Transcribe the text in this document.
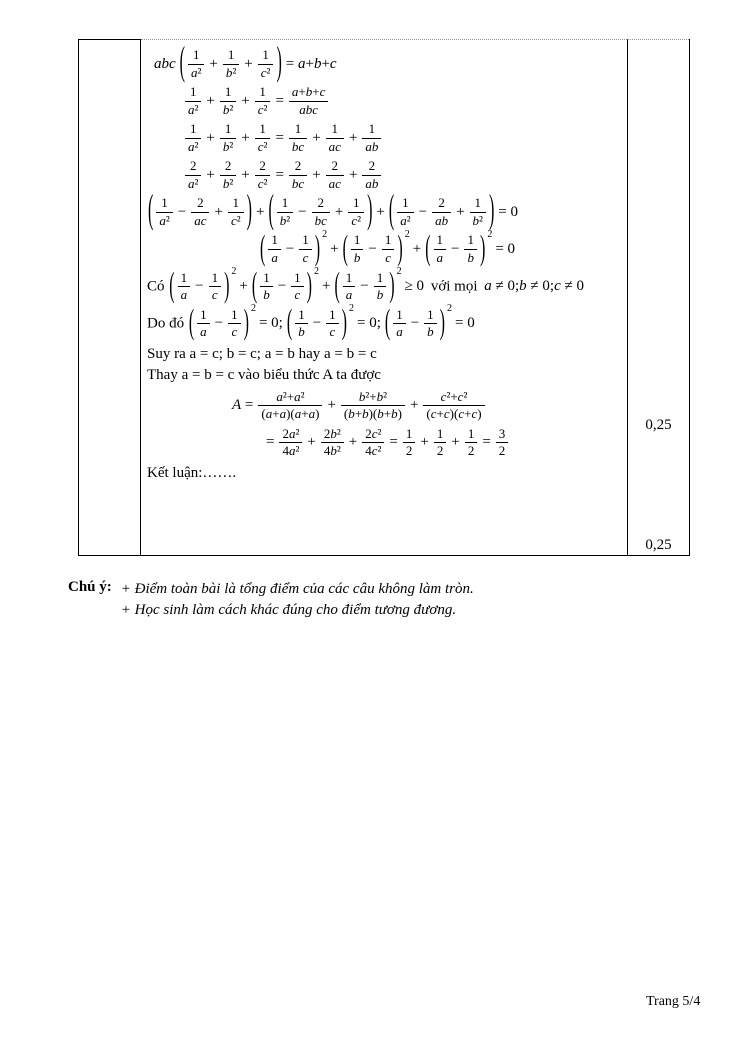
abc ( $\frac{1}{\text{a²}} + \frac{1}{\text{b²}} + \frac{1}{\text{c²}}$ ) = a+b+c
$\frac{1}{\text{a²}} + \frac{1}{\text{b²}} + \frac{1}{\text{c²}}$ =
a+b+c
abc
$\frac{1}{\text{a²}} + \frac{1}{\text{b²}} + \frac{1}{\text{c²}} = \frac{1}{bc} + \frac{1}{ac} + \frac{1}{ab}$
$\frac{2}{\text{a²}} + \frac{2}{\text{b²}} + \frac{2}{\text{c²}} = \frac{2}{bc} + \frac{2}{ac} + \frac{2}{ab}$
( $\frac{1}{\text{a²}} - \frac{2}{ac} + \frac{1}{\text{c²}}$ ) + ( $\frac{1}{\text{b²}} - \frac{2}{bc} + \frac{1}{\text{c²}}$ ) + ( $\frac{1}{\text{a²}} - \frac{2}{ab} + \frac{1}{\text{b²}}$ ) = 0
( $\frac{1}{a} - \frac{1}{c}$ ) 2+ ( $\frac{1}{b} - \frac{1}{c}$ ) 2+ ( $\frac{1}{a} - \frac{1}{b}$ ) 2= 0
Có ( $\frac{1}{a} - \frac{1}{c}$ ) 2+ ( $\frac{1}{b} - \frac{1}{c}$ ) 2+ ( $\frac{1}{a} - \frac{1}{b}$ ) 2≥ 0 với mọi a ≠ 0;b ≠ 0;c ≠ 0
Do đó ( $\frac{1}{a} - \frac{1}{c}$ ) 2= 0; ( $\frac{1}{b} - \frac{1}{c}$ ) 2= 0; ( $\frac{1}{a} - \frac{1}{b}$ ) 2= 0
Suy ra a = c; b = c; a = b hay a = b = c
Thay a = b = c vào biểu thức A ta được
$A = \frac{\text{a²+a²}}{(a+a)(a+a)} + \frac{\text{b²+b²}}{(b+b)(b+b)} + \frac{\text{c²+c²}}{(c+c)(c+c)}$
= $\frac{\text{2a²}}{\text{4a²}} + \frac{\text{2b²}}{\text{4b²}} + \frac{\text{2c²}}{\text{4c²}} = \frac{1}{2} + \frac{1}{2} + \frac{1}{2} = \frac{3}{2}$
Kết luận:…….
0,25
0,25
Chú ý: + Điểm toàn bài là tổng điểm của các câu không làm tròn.
+ Học sinh làm cách khác đúng cho điểm tương đương.
Trang 5/4
